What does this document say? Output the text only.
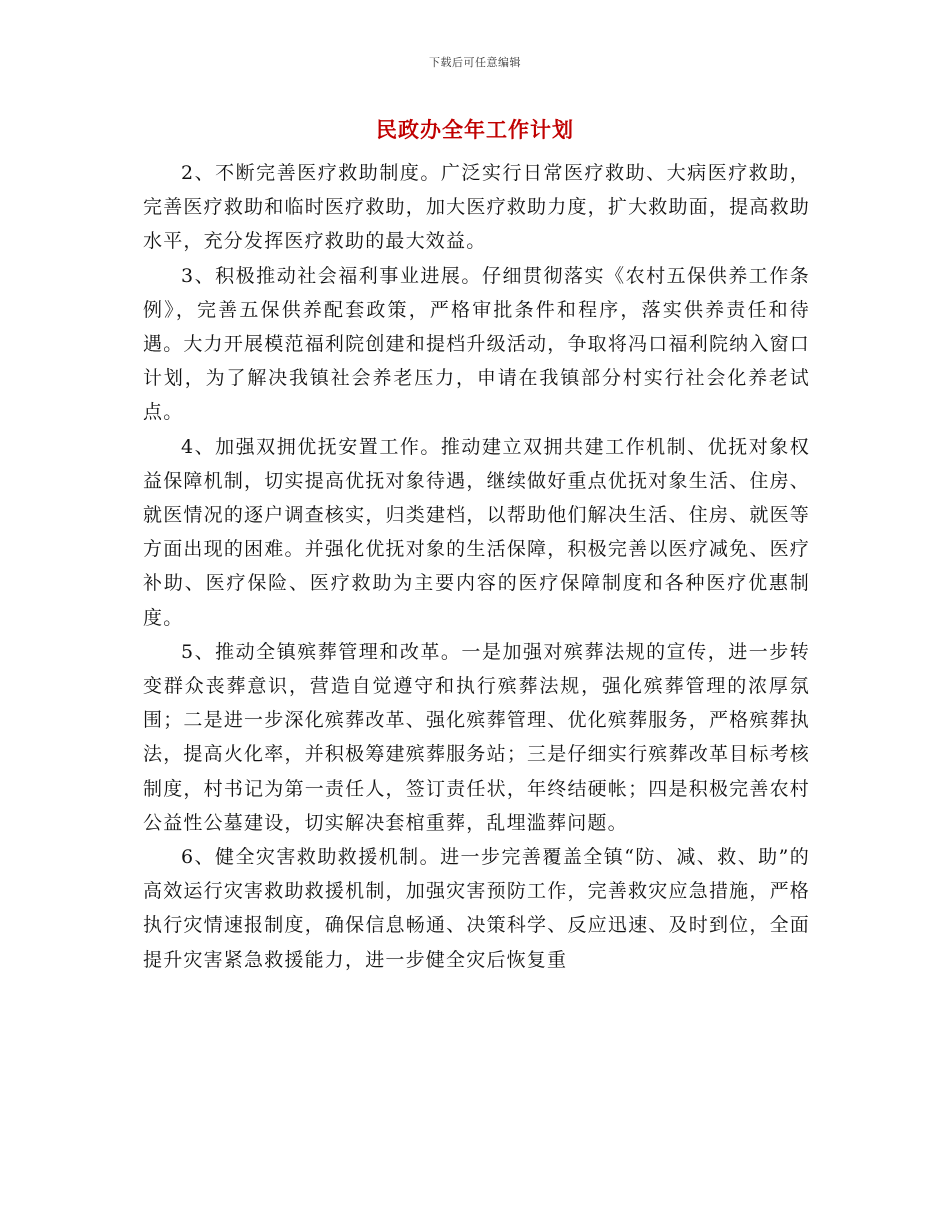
下载后可任意编辑
民政办全年工作计划

2、不断完善医疗救助制度。广泛实行日常医疗救助、大病医疗救助，完善医疗救助和临时医疗救助，加大医疗救助力度，扩大救助面，提高救助水平，充分发挥医疗救助的最大效益。

3、积极推动社会福利事业进展。仔细贯彻落实《农村五保供养工作条例》，完善五保供养配套政策，严格审批条件和程序，落实供养责任和待遇。大力开展模范福利院创建和提档升级活动，争取将冯口福利院纳入窗口计划，为了解决我镇社会养老压力，申请在我镇部分村实行社会化养老试点。

4、加强双拥优抚安置工作。推动建立双拥共建工作机制、优抚对象权益保障机制，切实提高优抚对象待遇，继续做好重点优抚对象生活、住房、就医情况的逐户调查核实，归类建档，以帮助他们解决生活、住房、就医等方面出现的困难。并强化优抚对象的生活保障，积极完善以医疗减免、医疗补助、医疗保险、医疗救助为主要内容的医疗保障制度和各种医疗优惠制度。

5、推动全镇殡葬管理和改革。一是加强对殡葬法规的宣传，进一步转变群众丧葬意识，营造自觉遵守和执行殡葬法规，强化殡葬管理的浓厚氛围；二是进一步深化殡葬改革、强化殡葬管理、优化殡葬服务，严格殡葬执法，提高火化率，并积极筹建殡葬服务站；三是仔细实行殡葬改革目标考核制度，村书记为第一责任人，签订责任状，年终结硬帐；四是积极完善农村公益性公墓建设，切实解决套棺重葬，乱埋滥葬问题。

6、健全灾害救助救援机制。进一步完善覆盖全镇“防、减、救、助”的高效运行灾害救助救援机制，加强灾害预防工作，完善救灾应急措施，严格执行灾情速报制度，确保信息畅通、决策科学、反应迅速、及时到位，全面提升灾害紧急救援能力，进一步健全灾后恢复重
